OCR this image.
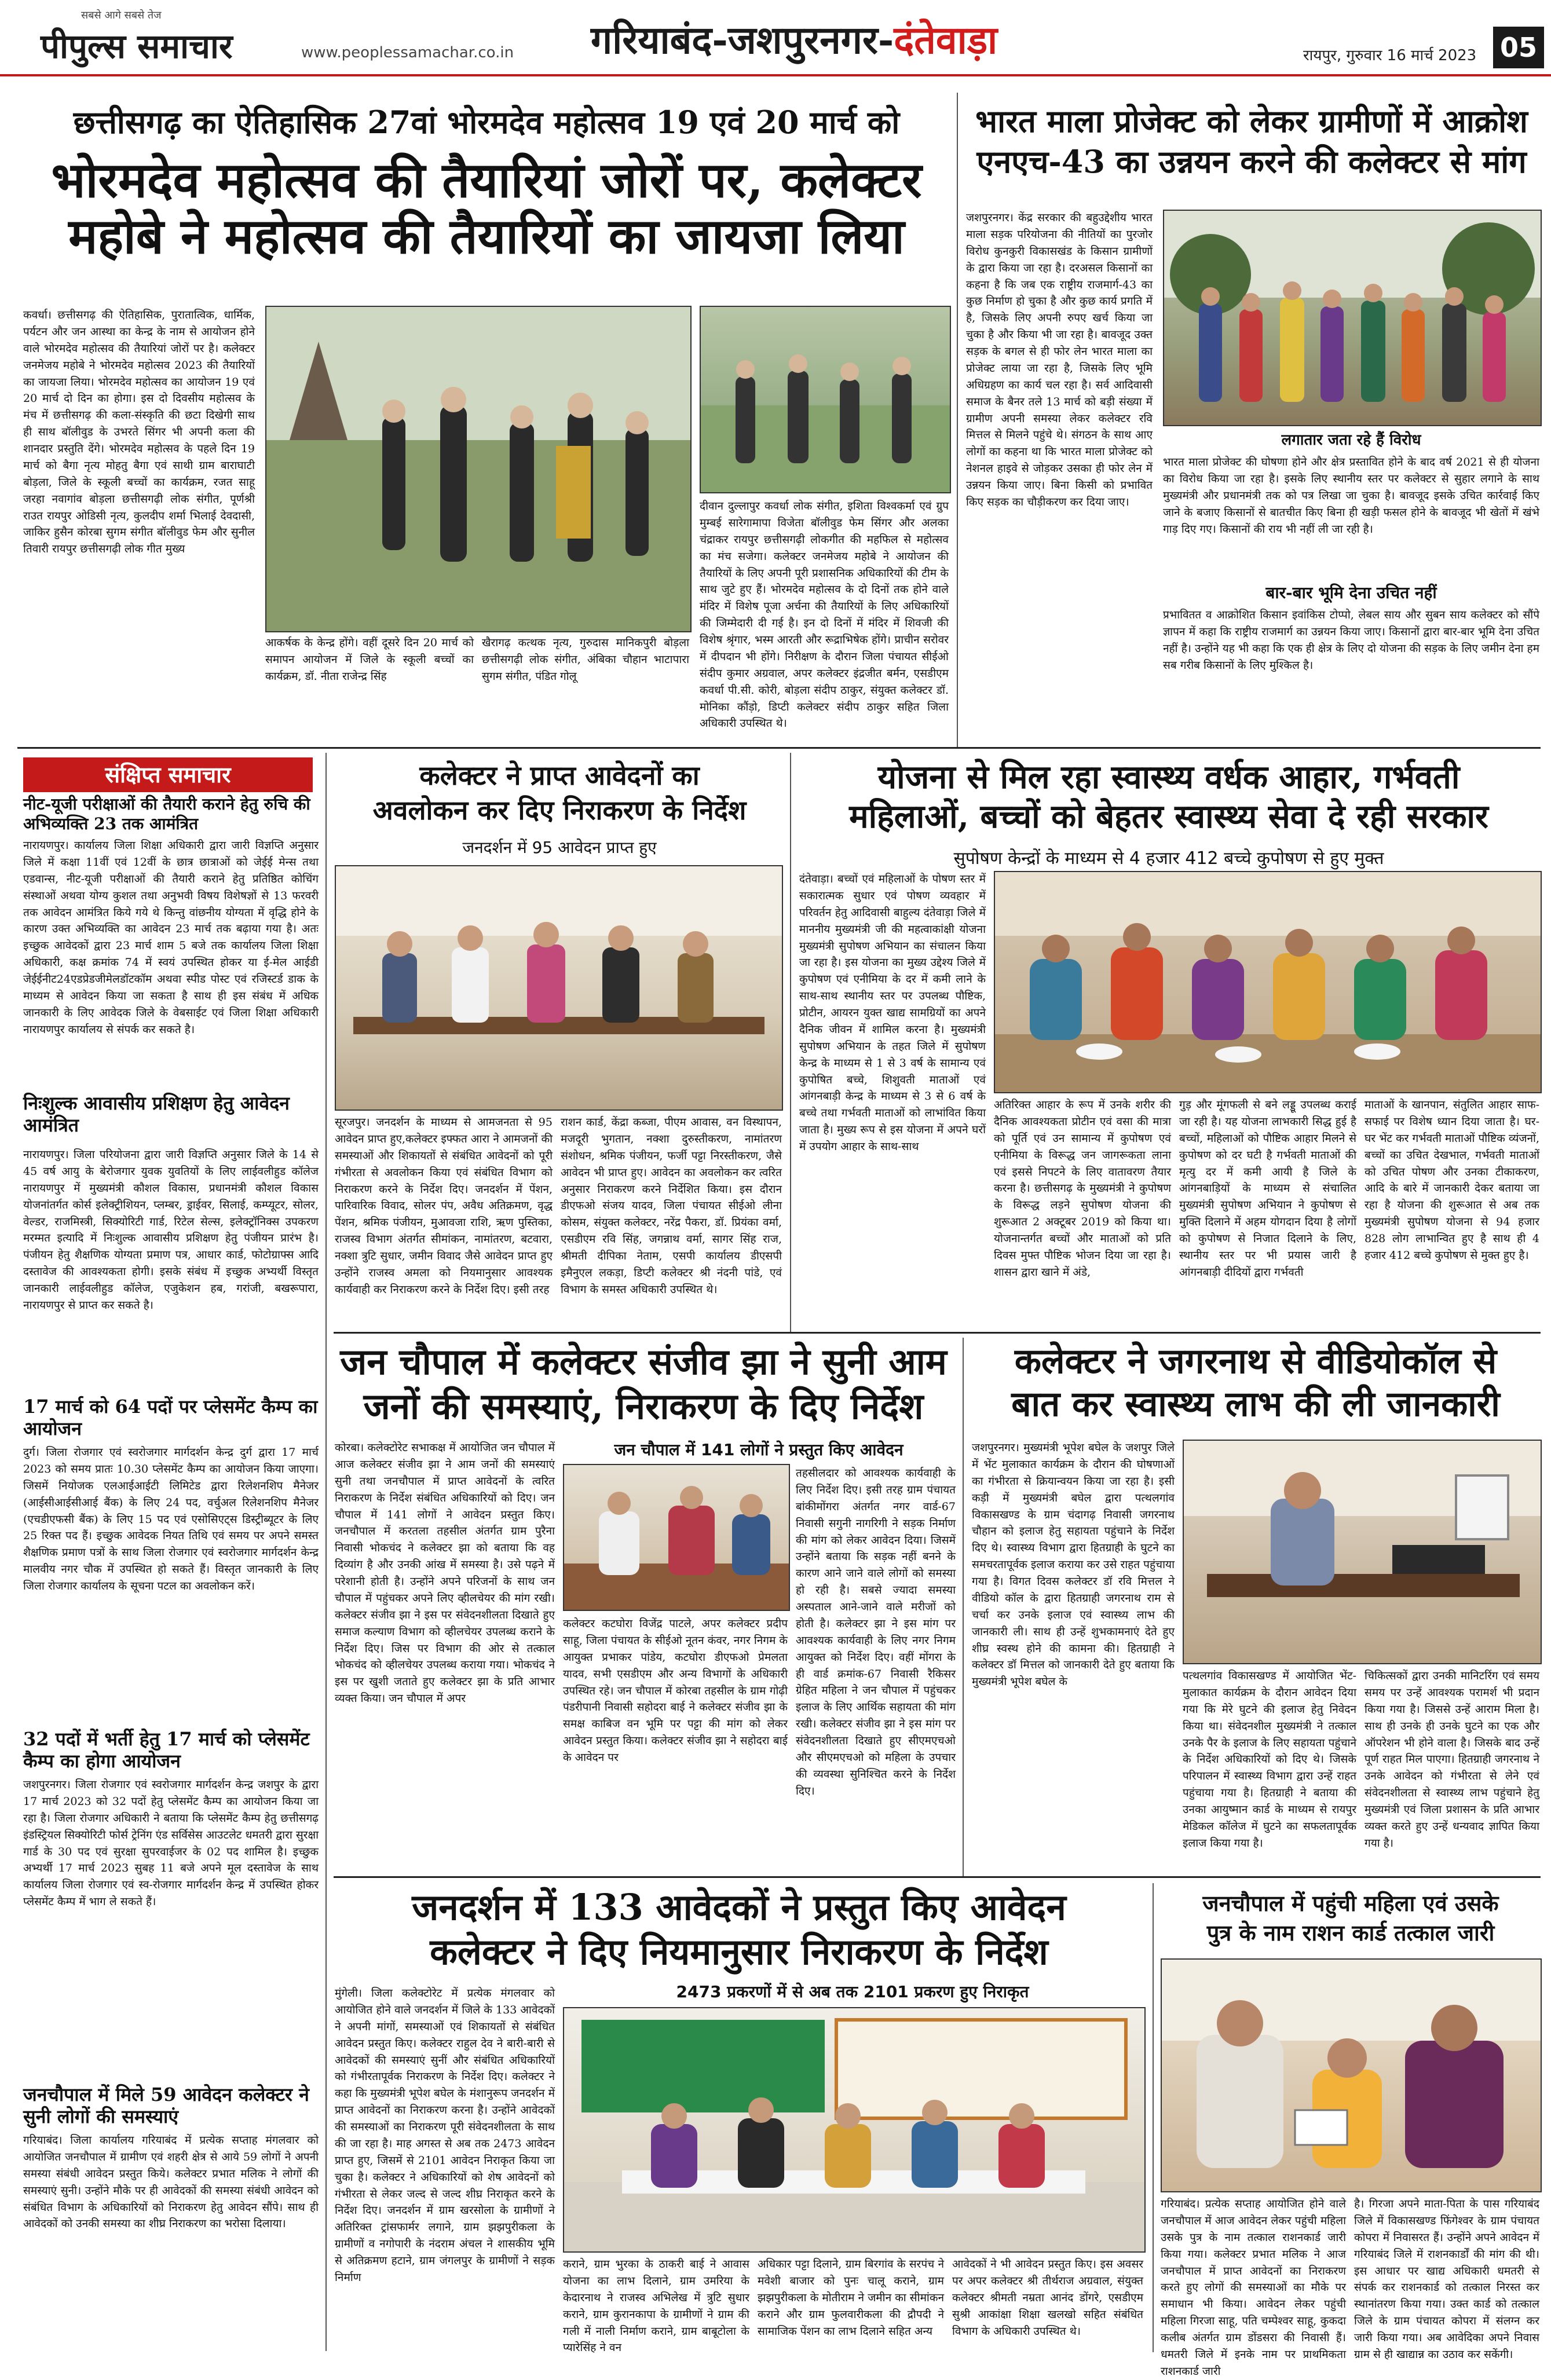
सबसे आगे सबसे तेज
पीपुल्स समाचार	www.peoplessamachar.co.in गरियाबंद-जशपुरनगर-दंतेवाड़ा	रायपुर, गुरुवार 16 मार्च 2023 05
छत्तीसगढ़ का ऐतिहासिक 27वां भोरमदेव महोत्सव 19 एवं 20 मार्च को
भोरमदेव महोत्सव की तैयारियां जोरों पर, कलेक्टर
महोबे ने महोत्सव की तैयारियों का जायजा लिया
कवर्धा। छत्तीसगढ़ की ऐतिहासिक, पुरातात्विक, धार्मिक, पर्यटन और जन आस्था का केन्द्र के नाम से आयोजन होने वाले भोरमदेव महोत्सव की तैयारियां जोरों पर है। कलेक्टर जनमेजय महोबे ने भोरमदेव महोत्सव 2023 की तैयारियों का जायजा लिया। भोरमदेव महोत्सव का आयोजन 19 एवं 20 मार्च दो दिन का होगा। इस दो दिवसीय महोत्सव के मंच में छत्तीसगढ़ की कला-संस्कृति की छटा दिखेगी साथ ही साथ बॉलीवुड के उभरते सिंगर भी अपनी कला की शानदार प्रस्तुति देंगे। भोरमदेव महोत्सव के पहले दिन 19 मार्च को बैगा नृत्य मोहतु बैगा एवं साथी ग्राम बाराघाटी बोड़ला, जिले के स्कूली बच्चों का कार्यक्रम, रजत साहू जरहा नवागांव बोड़ला छत्तीसगढ़ी लोक संगीत, पूर्णश्री राउत रायपुर ओडिसी नृत्य, कुलदीप शर्मा भिलाई देवदासी, जाकिर हुसैन कोरबा सुगम संगीत बॉलीवुड फेम और सुनील तिवारी रायपुर छत्तीसगढ़ी लोक गीत मुख्य
आकर्षक के केन्द्र होंगे। वहीं दूसरे दिन 20 मार्च को समापन आयोजन में जिले के स्कूली बच्चों का कार्यक्रम, डॉ. नीता राजेन्द्र सिंह
खैरागढ़ कत्थक नृत्य, गुरुदास मानिकपुरी बोड़ला छत्तीसगढ़ी लोक संगीत, अंबिका चौहान भाटापारा सुगम संगीत, पंडित गोलू
दीवान दुल्लापुर कवर्धा लोक संगीत, इशिता विश्वकर्मा एवं ग्रुप मुम्बई सारेगामापा विजेता बॉलीवुड फेम सिंगर और अलका चंद्राकर रायपुर छत्तीसगढ़ी लोकगीत की महफिल से महोत्सव का मंच सजेगा। कलेक्टर जनमेजय महोबे ने आयोजन की तैयारियों के लिए अपनी पूरी प्रशासनिक अधिकारियों की टीम के साथ जुटे हुए हैं। भोरमदेव महोत्सव के दो दिनों तक होने वाले मंदिर में विशेष पूजा अर्चना की तैयारियों के लिए अधिकारियों की जिम्मेदारी दी गई है। इन दो दिनों में मंदिर में शिवजी की विशेष श्रृंगार, भस्म आरती और रूद्राभिषेक होंगे। प्राचीन सरोवर में दीपदान भी होंगे। निरीक्षण के दौरान जिला पंचायत सीईओ संदीप कुमार अग्रवाल, अपर कलेक्टर इंद्रजीत बर्मन, एसडीएम कवर्धा पी.सी. कोरी, बोड़ला संदीप ठाकुर, संयुक्त कलेक्टर डॉ. मोनिका कौंड़ो, डिप्टी कलेक्टर संदीप ठाकुर सहित जिला अधिकारी उपस्थित थे।
भारत माला प्रोजेक्ट को लेकर ग्रामीणों में आक्रोश
एनएच-43 का उन्नयन करने की कलेक्टर से मांग
जशपुरनगर। केंद्र सरकार की बहुउद्देशीय भारत माला सड़क परियोजना की नीतियों का पुरजोर विरोध कुनकुरी विकासखंड के किसान ग्रामीणों के द्वारा किया जा रहा है। दरअसल किसानों का कहना है कि जब एक राष्ट्रीय राजमार्ग-43 का कुछ निर्माण हो चुका है और कुछ कार्य प्रगति में है, जिसके लिए अपनी रुपए खर्च किया जा चुका है और किया भी जा रहा है। बावजूद उक्त सड़क के बगल से ही फोर लेन भारत माला का प्रोजेक्ट लाया जा रहा है, जिसके लिए भूमि अधिग्रहण का कार्य चल रहा है। सर्व आदिवासी समाज के बैनर तले 13 मार्च को बड़ी संख्या में ग्रामीण अपनी समस्या लेकर कलेक्टर रवि मित्तल से मिलने पहुंचे थे। संगठन के साथ आए लोगों का कहना था कि भारत माला प्रोजेक्ट को नेशनल हाइवे से जोड़कर उसका ही फोर लेन में उन्नयन किया जाए। बिना किसी को प्रभावित किए सड़क का चौड़ीकरण कर दिया जाए।
लगातार जता रहे हैं विरोध
भारत माला प्रोजेक्ट की घोषणा होने और क्षेत्र प्रस्तावित होने के बाद वर्ष 2021 से ही योजना का विरोध किया जा रहा है। इसके लिए स्थानीय स्तर पर कलेक्टर से सुहार लगाने के साथ मुख्यमंत्री और प्रधानमंत्री तक को पत्र लिखा जा चुका है। बावजूद इसके उचित कार्रवाई किए जाने के बजाए किसानों से बातचीत किए बिना ही खड़ी फसल होने के बावजूद भी खेतों में खंभे गाड़ दिए गए। किसानों की राय भी नहीं ली जा रही है।
बार-बार भूमि देना उचित नहीं
प्रभावितत व आक्रोशित किसान इवांकिस टोप्पो, लेबल साय और सुबन साय कलेक्टर को सौंपे ज्ञापन में कहा कि राष्ट्रीय राजमार्ग का उन्नयन किया जाए। किसानों द्वारा बार-बार भूमि देना उचित नहीं है। उन्होंने यह भी कहा कि एक ही क्षेत्र के लिए दो योजना की सड़क के लिए जमीन देना हम सब गरीब किसानों के लिए मुश्किल है।
संक्षिप्त समाचार
नीट-यूजी परीक्षाओं की तैयारी कराने हेतु रुचि की अभिव्यक्ति 23 तक आमंत्रित
नारायणपुर। कार्यालय जिला शिक्षा अधिकारी द्वारा जारी विज्ञप्ति अनुसार जिले में कक्षा 11वीं एवं 12वीं के छात्र छात्राओं को जेईई मेन्स तथा एडवान्स, नीट-यूजी परीक्षाओं की तैयारी कराने हेतु प्रतिष्ठित कोचिंग संस्थाओं अथवा योग्य कुशल तथा अनुभवी विषय विशेषज्ञों से 13 फरवरी तक आवेदन आमंत्रित किये गये थे किन्तु वांछनीय योग्यता में वृद्धि होने के कारण उक्त अभिव्यक्ति का आवेदन 23 मार्च तक बढ़ाया गया है। अतः इच्छुक आवेदकों द्वारा 23 मार्च शाम 5 बजे तक कार्यालय जिला शिक्षा अधिकारी, कक्ष क्रमांक 74 में स्वयं उपस्थित होकर या ई-मेल आईडी जेईईनीट24एडप्रेडजीमेलडॉटकॉम अथवा स्पीड पोस्ट एवं रजिस्टर्ड डाक के माध्यम से आवेदन किया जा सकता है साथ ही इस संबंध में अधिक जानकारी के लिए आवेदक जिले के वेबसाईट एवं जिला शिक्षा अधिकारी नारायणपुर कार्यालय से संपर्क कर सकते है।
निःशुल्क आवासीय प्रशिक्षण हेतु आवेदन आमंत्रित
नारायणपुर। जिला परियोजना द्वारा जारी विज्ञप्ति अनुसार जिले के 14 से 45 वर्ष आयु के बेरोजगार युवक युवतियों के लिए लाईवलीहुड कॉलेज नारायणपुर में मुख्यमंत्री कौशल विकास, प्रधानमंत्री कौशल विकास योजनांतर्गत कोर्स इलेक्ट्रीशियन, प्लम्बर, ड्राईवर, सिलाई, कम्प्यूटर, सोलर, वेल्डर, राजमिस्त्री, सिक्योरिटी गार्ड, रिटेल सेल्स, इलेक्ट्रॉनिक्स उपकरण मरम्मत इत्यादि में निःशुल्क आवासीय प्रशिक्षण हेतु पंजीयन प्रारंभ है। पंजीयन हेतु शैक्षणिक योग्यता प्रमाण पत्र, आधार कार्ड, फोटोग्राफ्स आदि दस्तावेज की आवश्यकता होगी। इसके संबंध में इच्छुक अभ्यर्थी विस्तृत जानकारी लाईवलीहुड कॉलेज, एजुकेशन हब, गरांजी, बखरूपारा, नारायणपुर से प्राप्त कर सकते है।
17 मार्च को 64 पदों पर प्लेसमेंट कैम्प का आयोजन
दुर्ग। जिला रोजगार एवं स्वरोजगार मार्गदर्शन केन्द्र दुर्ग द्वारा 17 मार्च 2023 को समय प्रातः 10.30 प्लेसमेंट कैम्प का आयोजन किया जाएगा। जिसमें नियोजक एलआईआईटी लिमिटेड द्वारा रिलेशनशिप मैनेजर (आईसीआईसीआई बैंक) के लिए 24 पद, वर्चुअल रिलेशनशिप मैनेजर (एचडीएफसी बैंक) के लिए 15 पद एवं एसोसिएट्स डिस्ट्रीब्यूटर के लिए 25 रिक्त पद हैं। इच्छुक आवेदक नियत तिथि एवं समय पर अपने समस्त शैक्षणिक प्रमाण पत्रों के साथ जिला रोजगार एवं स्वरोजगार मार्गदर्शन केन्द्र मालवीय नगर चौक में उपस्थित हो सकते हैं। विस्तृत जानकारी के लिए जिला रोजगार कार्यालय के सूचना पटल का अवलोकन करें।
32 पदों में भर्ती हेतु 17 मार्च को प्लेसमेंट कैम्प का होगा आयोजन
जशपुरनगर। जिला रोजगार एवं स्वरोजगार मार्गदर्शन केन्द्र जशपुर के द्वारा 17 मार्च 2023 को 32 पदों हेतु प्लेसमेंट कैम्प का आयोजन किया जा रहा है। जिला रोजगार अधिकारी ने बताया कि प्लेसमेंट कैम्प हेतु छत्तीसगढ़ इंडस्ट्रियल सिक्योरिटी फोर्स ट्रेनिंग एंड सर्विसेस आउटलेट धमतरी द्वारा सुरक्षा गार्ड के 30 पद एवं सुरक्षा सुपरवाईजर के 02 पद शामिल है। इच्छुक अभ्यर्थी 17 मार्च 2023 सुबह 11 बजे अपने मूल दस्तावेज के साथ कार्यालय जिला रोजगार एवं स्व-रोजगार मार्गदर्शन केन्द्र में उपस्थित होकर प्लेसमेंट कैम्प में भाग ले सकते हैं।
जनचौपाल में मिले 59 आवेदन कलेक्टर ने सुनी लोगों की समस्याएं
गरियाबंद। जिला कार्यालय गरियाबंद में प्रत्येक सप्ताह मंगलवार को आयोजित जनचौपाल में ग्रामीण एवं शहरी क्षेत्र से आये 59 लोगों ने अपनी समस्या संबंधी आवेदन प्रस्तुत किये। कलेक्टर प्रभात मलिक ने लोगों की समस्याएं सुनी। उन्होंने मौके पर ही आवेदकों की समस्या संबंधी आवेदन को संबंधित विभाग के अधिकारियों को निराकरण हेतु आवेदन सौंपे। साथ ही आवेदकों को उनकी समस्या का शीघ्र निराकरण का भरोसा दिलाया।
कलेक्टर ने प्राप्त आवेदनों का
अवलोकन कर दिए निराकरण के निर्देश
जनदर्शन में 95 आवेदन प्राप्त हुए
सूरजपुर। जनदर्शन के माध्यम से आमजनता से 95 आवेदन प्राप्त हुए,कलेक्टर इफ्फत आरा ने आमजनों की समस्याओं और शिकायतों से संबंधित आवेदनों को पूरी गंभीरता से अवलोकन किया एवं संबंधित विभाग को निराकरण करने के निर्देश दिए। जनदर्शन में पेंशन, पारिवारिक विवाद, सोलर पंप, अवैध अतिक्रमण, वृद्ध पेंशन, श्रमिक पंजीयन, मुआवजा राशि, ऋण पुस्तिका, राजस्व विभाग अंतर्गत सीमांकन, नामांतरण, बटवारा, नक्शा त्रुटि सुधार, जमीन विवाद जैसे आवेदन प्राप्त हुए उन्होंने राजस्व अमला को नियमानुसार आवश्यक कार्यवाही कर निराकरण करने के निर्देश दिए। इसी तरह
राशन कार्ड, केंद्रा कब्जा, पीएम आवास, वन विस्थापन, मजदूरी भुगतान, नक्शा दुरुस्तीकरण, नामांतरण संशोधन, श्रमिक पंजीयन, फर्जी पट्टा निरस्तीकरण, जैसे आवेदन भी प्राप्त हुए। आवेदन का अवलोकन कर त्वरित अनुसार निराकरण करने निर्देशित किया। इस दौरान डीएफओ संजय यादव, जिला पंचायत सीईओ लीना कोसम, संयुक्त कलेक्टर, नरेंद्र पैकरा, डॉ. प्रियंका वर्मा, एसडीएम रवि सिंह, जगन्नाथ वर्मा, सागर सिंह राज, श्रीमती दीपिका नेताम, एसपी कार्यालय डीएसपी इमैनुएल लकड़ा, डिप्टी कलेक्टर श्री नंदनी पांडे, एवं विभाग के समस्त अधिकारी उपस्थित थे।
योजना से मिल रहा स्वास्थ्य वर्धक आहार, गर्भवती
महिलाओं, बच्चों को बेहतर स्वास्थ्य सेवा दे रही सरकार
सुपोषण केन्द्रों के माध्यम से 4 हजार 412 बच्चे कुपोषण से हुए मुक्त
दंतेवाड़ा। बच्चों एवं महिलाओं के पोषण स्तर में सकारात्मक सुधार एवं पोषण व्यवहार में परिवर्तन हेतु आदिवासी बाहुल्य दंतेवाड़ा जिले में माननीय मुख्यमंत्री जी की महत्वाकांक्षी योजना मुख्यमंत्री सुपोषण अभियान का संचालन किया जा रहा है। इस योजना का मुख्य उद्देश्य जिले में कुपोषण एवं एनीमिया के दर में कमी लाने के साथ-साथ स्थानीय स्तर पर उपलब्ध पौष्टिक, प्रोटीन, आयरन युक्त खाद्य सामग्रियों का अपने दैनिक जीवन में शामिल करना है। मुख्यमंत्री सुपोषण अभियान के तहत जिले में सुपोषण केन्द्र के माध्यम से 1 से 3 वर्ष के सामान्य एवं कुपोषित बच्चे, शिशुवती माताओं एवं आंगनबाड़ी केन्द्र के माध्यम से 3 से 6 वर्ष के बच्चे तथा गर्भवती माताओं को लाभांवित किया जाता है। मुख्य रूप से इस योजना में अपने घरों में उपयोग आहार के साथ-साथ
अतिरिक्त आहार के रूप में उनके शरीर की दैनिक आवश्यकता प्रोटीन एवं वसा की मात्रा को पूर्ति एवं उन सामान्य में कुपोषण एवं एनीमिया के विरूद्ध जन जागरूकता लाना एवं इससे निपटने के लिए वातावरण तैयार करना है। छत्तीसगढ़ के मुख्यमंत्री ने कुपोषण के विरूद्ध लड़ने सुपोषण योजना की शुरूआत 2 अक्टूबर 2019 को किया था। योजनान्तर्गत बच्चों और माताओं को प्रति दिवस मुफ्त पौष्टिक भोजन दिया जा रहा है। शासन द्वारा खाने में अंडे,
गुड़ और मूंगफली से बने लड्डू उपलब्ध कराई जा रही है। यह योजना लाभकारी सिद्ध हुई है बच्चों, महिलाओं को पौष्टिक आहार मिलने से कुपोषण को दर घटी है गर्भवती माताओं की मृत्यु दर में कमी आयी है जिले के आंगनबाड़ियों के माध्यम से संचालित मुख्यमंत्री सुपोषण अभियान ने कुपोषण से मुक्ति दिलाने में अहम योगदान दिया है लोगों को कुपोषण से निजात दिलाने के लिए, स्थानीय स्तर पर भी प्रयास जारी है आंगनबाड़ी दीदियों द्वारा गर्भवती
माताओं के खानपान, संतुलित आहार साफ-सफाई पर विशेष ध्यान दिया जाता है। घर-घर भेंट कर गर्भवती माताओं पौष्टिक व्यंजनों, बच्चों का उचित देखभाल, गर्भवती माताओं को उचित पोषण और उनका टीकाकरण, आदि के बारे में जानकारी देकर बताया जा रहा है योजना की शुरूआत से अब तक मुख्यमंत्री सुपोषण योजना से 94 हजार 828 लोग लाभान्वित हुए है साथ ही 4 हजार 412 बच्चे कुपोषण से मुक्त हुए है।
जन चौपाल में कलेक्टर संजीव झा ने सुनी आम
जनों की समस्याएं, निराकरण के दिए निर्देश
कोरबा। कलेक्टोरेट सभाकक्ष में आयोजित जन चौपाल में आज कलेक्टर संजीव झा ने आम जनों की समस्याएं सुनी तथा जनचौपाल में प्राप्त आवेदनों के त्वरित निराकरण के निर्देश संबंधित अधिकारियों को दिए। जन चौपाल में 141 लोगों ने आवेदन प्रस्तुत किए। जनचौपाल में करतला तहसील अंतर्गत ग्राम पुरैना निवासी भोकचंद ने कलेक्टर झा को बताया कि वह दिव्यांग है और उनकी आंख में समस्या है। उसे पढ़ने में परेशानी होती है। उन्होंने अपने परिजनों के साथ जन चौपाल में पहुंचकर अपने लिए व्हीलचेयर की मांग रखी। कलेक्टर संजीव झा ने इस पर संवेदनशीलता दिखाते हुए समाज कल्याण विभाग को व्हीलचेयर उपलब्ध कराने के निर्देश दिए। जिस पर विभाग की ओर से तत्काल भोकचंद को व्हीलचेयर उपलब्ध कराया गया। भोकचंद ने इस पर खुशी जताते हुए कलेक्टर झा के प्रति आभार व्यक्त किया। जन चौपाल में अपर
जन चौपाल में 141 लोगों ने प्रस्तुत किए आवेदन
कलेक्टर कटघोरा विजेंद्र पाटले, अपर कलेक्टर प्रदीप साहू, जिला पंचायत के सीईओ नूतन कंवर, नगर निगम के आयुक्त प्रभाकर पांडेय, कटघोरा डीएफओ प्रेमलता यादव, सभी एसडीएम और अन्य विभागों के अधिकारी उपस्थित रहे। जन चौपाल में कोरबा तहसील के ग्राम गोढ़ी पंडरीपानी निवासी सहोदरा बाई ने कलेक्टर संजीव झा के समक्ष काबिज वन भूमि पर पट्टा की मांग को लेकर आवेदन प्रस्तुत किया। कलेक्टर संजीव झा ने सहोदरा बाई के आवेदन पर
तहसीलदार को आवश्यक कार्यवाही के लिए निर्देश दिए। इसी तरह ग्राम पंचायत बांकीमोंगरा अंतर्गत नगर वार्ड-67 निवासी सगुनी नागरिगी ने सड़क निर्माण की मांग को लेकर आवेदन दिया। जिसमें उन्होंने बताया कि सड़क नहीं बनने के कारण आने जाने वाले लोगों को समस्या हो रही है। सबसे ज्यादा समस्या अस्पताल आने-जाने वाले मरीजों को होती है। कलेक्टर झा ने इस मांग पर आवश्यक कार्यवाही के लिए नगर निगम आयुक्त को निर्देश दिए। वहीं मोंगरा के ही वार्ड क्रमांक-67 निवासी रैकिसर ग्रेहित महिला ने जन चौपाल में पहुंचकर इलाज के लिए आर्थिक सहायता की मांग रखी। कलेक्टर संजीव झा ने इस मांग पर संवेदनशीलता दिखाते हुए सीएमएचओ और सीएमएचओ को महिला के उपचार की व्यवस्था सुनिश्चित करने के निर्देश दिए।
कलेक्टर ने जगरनाथ से वीडियोकॉल से
बात कर स्वास्थ्य लाभ की ली जानकारी
जशपुरनगर। मुख्यमंत्री भूपेश बघेल के जशपुर जिले में भेंट मुलाकात कार्यक्रम के दौरान की घोषणाओं का गंभीरता से क्रियान्वयन किया जा रहा है। इसी कड़ी में मुख्यमंत्री बघेल द्वारा पत्थलगांव विकासखण्ड के ग्राम चंदागढ़ निवासी जगरनाथ चौहान को इलाज हेतु सहायता पहुंचाने के निर्देश दिए थे। स्वास्थ्य विभाग द्वारा हितग्राही के घुटने का समचरतापूर्वक इलाज कराया कर उसे राहत पहुंचाया गया है। विगत दिवस कलेक्टर डॉ रवि मित्तल ने वीडियो कॉल के द्वारा हितग्राही जगरनाथ राम से चर्चा कर उनके इलाज एवं स्वास्थ्य लाभ की जानकारी ली। साथ ही उन्हें शुभकामनाएं देते हुए शीघ्र स्वस्थ होने की कामना की। हितग्राही ने कलेक्टर डॉ मित्तल को जानकारी देते हुए बताया कि मुख्यमंत्री भूपेश बघेल के	पत्थलगांव विकासखण्ड में आयोजित भेंट-मुलाकात कार्यक्रम के दौरान आवेदन दिया गया कि मेरे घुटने की इलाज हेतु निवेदन किया था। संवेदनशील मुख्यमंत्री ने तत्काल उनके पैर के इलाज के लिए सहायता पहुंचाने के निर्देश अधिकारियों को दिए थे। जिसके परिपालन में स्वास्थ्य विभाग द्वारा उन्हें राहत पहुंचाया गया है। हितग्राही ने बताया की उनका आयुष्मान कार्ड के माध्यम से रायपुर मेडिकल कॉलेज में घुटने का सफलतापूर्वक इलाज किया गया है।
चिकित्सकों द्वारा उनकी मानिटरिंग एवं समय समय पर उन्हें आवश्यक परामर्श भी प्रदान किया गया है। जिससे उन्हें आराम मिला है। साथ ही उनके ही उनके घुटने का एक और ऑपरेशन भी होने वाला है। जिसके बाद उन्हें पूर्ण राहत मिल पाएगा। हितग्राही जगरनाथ ने उनके आवेदन को गंभीरता से लेने एवं संवेदनशीलता से स्वास्थ्य लाभ पहुंचाने हेतु मुख्यमंत्री एवं जिला प्रशासन के प्रति आभार व्यक्त करते हुए उन्हें धन्यवाद ज्ञापित किया गया है।
जनदर्शन में 133 आवेदकों ने प्रस्तुत किए आवेदन
कलेक्टर ने दिए नियमानुसार निराकरण के निर्देश
मुंगेली। जिला कलेक्टोरेट में प्रत्येक मंगलवार को आयोजित होने वाले जनदर्शन में जिले के 133 आवेदकों ने अपनी मांगों, समस्याओं एवं शिकायतों से संबंधित आवेदन प्रस्तुत किए। कलेक्टर राहुल देव ने बारी-बारी से आवेदकों की समस्याएं सुनीं और संबंधित अधिकारियों को गंभीरतापूर्वक निराकरण के निर्देश दिए। कलेक्टर ने कहा कि मुख्यमंत्री भूपेश बघेल के मंशानुरूप जनदर्शन में प्राप्त आवेदनों का निराकरण करना है। उन्होंने आवेदकों की समस्याओं का निराकरण पूरी संवेदनशीलता के साथ की जा रहा है। माह अगस्त से अब तक 2473 आवेदन प्राप्त हुए, जिसमें से 2101 आवेदन निराकृत किया जा चुका है। कलेक्टर ने अधिकारियों को शेष आवेदनों को गंभीरता से लेकर जल्द से जल्द शीघ्र निराकृत करने के निर्देश दिए। जनदर्शन में ग्राम खरसोला के ग्रामीणों ने अतिरिक्त ट्रांसफार्मर लगाने, ग्राम झझपुरीकला के ग्रामीणों व नगोपारी के नंदराम अंचल ने शासकीय भूमि से अतिक्रमण हटाने, ग्राम जंगलपुर के ग्रामीणों ने सड़क निर्माण
2473 प्रकरणों में से अब तक 2101 प्रकरण हुए निराकृत
कराने, ग्राम भुरका के ठाकरी बाई ने आवास योजना का लाभ दिलाने, ग्राम उमरिया के केदारनाथ ने राजस्व अभिलेख में त्रुटि सुधार कराने, ग्राम कुरानकापा के ग्रामीणों ने ग्राम की गली में नाली निर्माण कराने, ग्राम बाबूटोला के प्यारेसिंह ने वन
अधिकार पट्टा दिलाने, ग्राम बिरगांव के सरपंच ने मवेशी बाजार को पुनः चालू कराने, ग्राम झझपुरीकला के मोतीराम ने जमीन का सीमांकन कराने और ग्राम फुलवारीकला की द्रौपदी ने सामाजिक पेंशन का लाभ दिलाने सहित अन्य
आवेदकों ने भी आवेदन प्रस्तुत किए। इस अवसर पर अपर कलेक्टर श्री तीर्थराज अग्रवाल, संयुक्त कलेक्टर श्रीमती नम्रता आनंद डोंगरे, एसडीएम सुश्री आकांक्षा शिक्षा खलखो सहित संबंधित विभाग के अधिकारी उपस्थित थे।
जनचौपाल में पहुंची महिला एवं उसके
पुत्र के नाम राशन कार्ड तत्काल जारी
गरियाबंद। प्रत्येक सप्ताह आयोजित होने वाले जनचौपाल में आज आवेदन लेकर पहुंची महिला उसके पुत्र के नाम तत्काल राशनकार्ड जारी किया गया। कलेक्टर प्रभात मलिक ने आज जनचौपाल में प्राप्त आवेदनों का निराकरण करते हुए लोगों की समस्याओं का मौके पर समाधान भी किया। आवेदन लेकर पहुंची महिला गिरजा साहू, पति चम्पेश्वर साहू, कुकदा कलीब अंतर्गत ग्राम डोंडसरा की निवासी हैं। धमतरी जिले में इनके नाम पर प्राथमिकता राशनकार्ड जारी
है। गिरजा अपने माता-पिता के पास गरियाबंद जिले में विकासखण्ड फिंगेश्वर के ग्राम पंचायत कोपरा में निवासरत हैं। उन्होंने अपने आवेदन में गरियाबंद जिले में राशनकार्डों की मांग की थी। इस आधार पर खाद्य अधिकारी धमतरी से संपर्क कर राशनकार्ड को तत्काल निरस्त कर स्थानांतरण किया गया। उक्त कार्ड को तत्काल जिले के ग्राम पंचायत कोपरा में संलग्न कर जारी किया गया। अब आवेदिका अपने निवास ग्राम से ही खाद्यान्न का उठाव कर सकेंगी।
